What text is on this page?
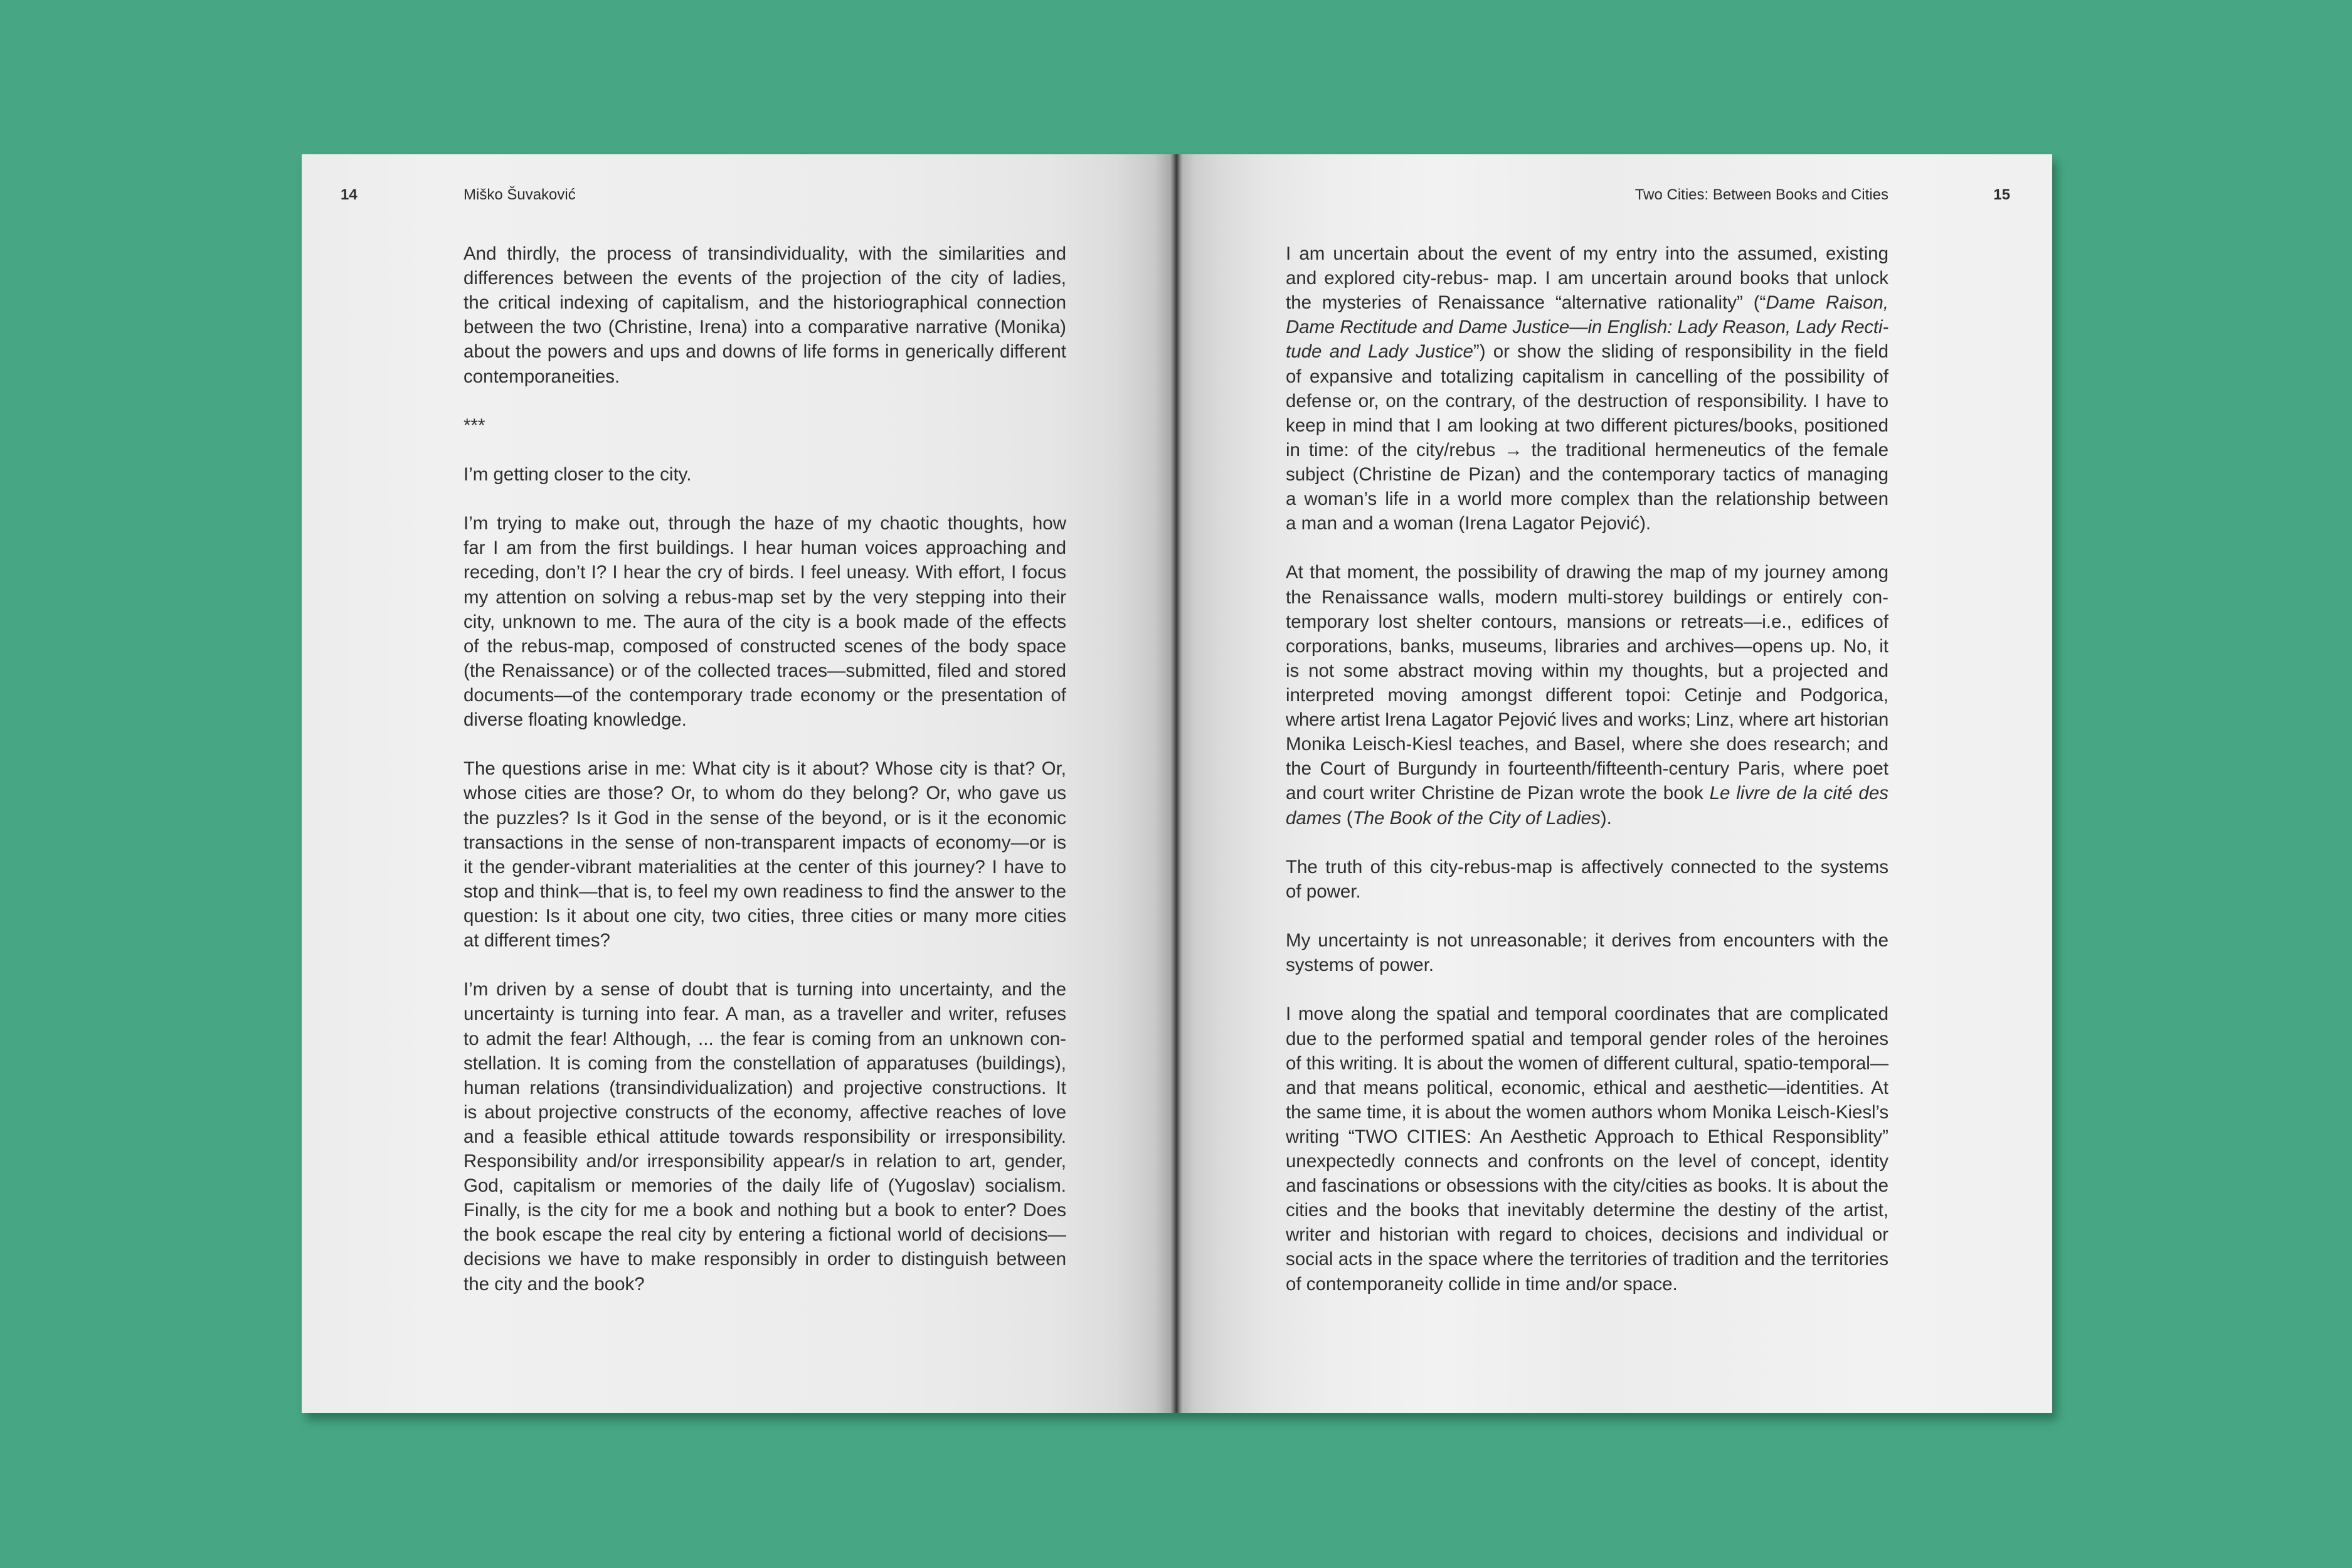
14	Miško Šuvaković
And thirdly, the process of transindividuality, with the similarities and
differences between the events of the projection of the city of ladies,
the critical indexing of capitalism, and the historiographical connection
between the two (Christine, Irena) into a comparative narrative (Monika)
about the powers and ups and downs of life forms in generically different
contemporaneities.
***
I’m getting closer to the city.
I’m trying to make out, through the haze of my chaotic thoughts, how
far I am from the first buildings. I hear human voices approaching and
receding, don’t I? I hear the cry of birds. I feel uneasy. With effort, I focus
my attention on solving a rebus-map set by the very stepping into their
city, unknown to me. The aura of the city is a book made of the effects
of the rebus-map, composed of constructed scenes of the body space
(the Renaissance) or of the collected traces—submitted, filed and stored
documents—of the contemporary trade economy or the presentation of
diverse floating knowledge.
The questions arise in me: What city is it about? Whose city is that? Or,
whose cities are those? Or, to whom do they belong? Or, who gave us
the puzzles? Is it God in the sense of the beyond, or is it the economic
transactions in the sense of non-transparent impacts of economy—or is
it the gender-vibrant materialities at the center of this journey? I have to
stop and think—that is, to feel my own readiness to find the answer to the
question: Is it about one city, two cities, three cities or many more cities
at different times?
I’m driven by a sense of doubt that is turning into uncertainty, and the
uncertainty is turning into fear. A man, as a traveller and writer, refuses
to admit the fear! Although, ... the fear is coming from an unknown con-
stellation. It is coming from the constellation of apparatuses (buildings),
human relations (transindividualization) and projective constructions. It
is about projective constructs of the economy, affective reaches of love
and a feasible ethical attitude towards responsibility or irresponsibility.
Responsibility and/or irresponsibility appear/s in relation to art, gender,
God, capitalism or memories of the daily life of (Yugoslav) socialism.
Finally, is the city for me a book and nothing but a book to enter? Does
the book escape the real city by entering a fictional world of decisions—
decisions we have to make responsibly in order to distinguish between
the city and the book?
Two Cities: Between Books and Cities	15
I am uncertain about the event of my entry into the assumed, existing
and explored city-rebus- map. I am uncertain around books that unlock
the mysteries of Renaissance “alternative rationality” (“Dame Raison,
Dame Rectitude and Dame Justice—in English: Lady Reason, Lady Recti-
tude and Lady Justice”) or show the sliding of responsibility in the field
of expansive and totalizing capitalism in cancelling of the possibility of
defense or, on the contrary, of the destruction of responsibility. I have to
keep in mind that I am looking at two different pictures/books, positioned
in time: of the city/rebus → the traditional hermeneutics of the female
subject (Christine de Pizan) and the contemporary tactics of managing
a woman’s life in a world more complex than the relationship between
a man and a woman (Irena Lagator Pejović).
At that moment, the possibility of drawing the map of my journey among
the Renaissance walls, modern multi-storey buildings or entirely con-
temporary lost shelter contours, mansions or retreats—i.e., edifices of
corporations, banks, museums, libraries and archives—opens up. No, it
is not some abstract moving within my thoughts, but a projected and
interpreted moving amongst different topoi: Cetinje and Podgorica,
where artist Irena Lagator Pejović lives and works; Linz, where art historian
Monika Leisch-Kiesl teaches, and Basel, where she does research; and
the Court of Burgundy in fourteenth/fifteenth-century Paris, where poet
and court writer Christine de Pizan wrote the book Le livre de la cité des
dames (The Book of the City of Ladies).
The truth of this city-rebus-map is affectively connected to the systems
of power.
My uncertainty is not unreasonable; it derives from encounters with the
systems of power.
I move along the spatial and temporal coordinates that are complicated
due to the performed spatial and temporal gender roles of the heroines
of this writing. It is about the women of different cultural, spatio-temporal—
and that means political, economic, ethical and aesthetic—identities. At
the same time, it is about the women authors whom Monika Leisch-Kiesl’s
writing “TWO CITIES: An Aesthetic Approach to Ethical Responsiblity”
unexpectedly connects and confronts on the level of concept, identity
and fascinations or obsessions with the city/cities as books. It is about the
cities and the books that inevitably determine the destiny of the artist,
writer and historian with regard to choices, decisions and individual or
social acts in the space where the territories of tradition and the territories
of contemporaneity collide in time and/or space.
